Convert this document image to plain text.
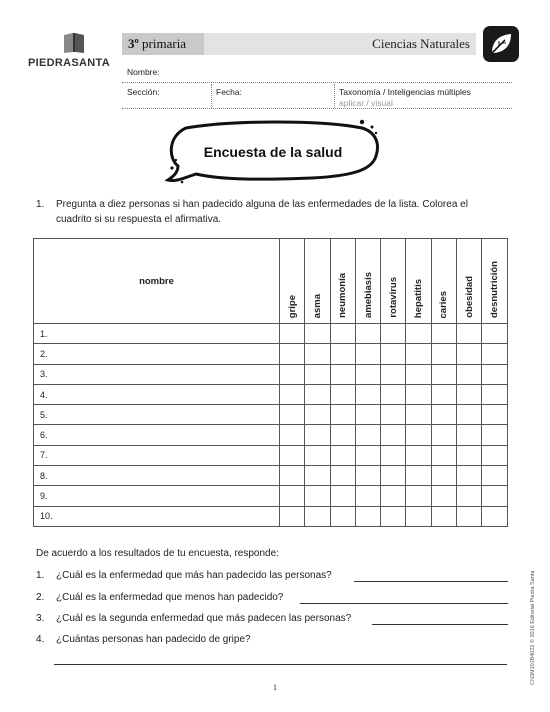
PIEDRASANTA
3º primaria	Ciencias Naturales
Nombre:
Sección:	Fecha:	Taxonomía / Inteligencias múltiples
aplicar / visual
Encuesta de la salud
1.	Pregunta a diez personas si han padecido alguna de las enfermedades de la lista. Colorea el cuadrito si su respuesta el afirmativa.
nombre	gripe	asma	neumonía	amebiasis	rotavirus	hepatitis	caries	obesidad	desnutrición

1.									
2.									
3.									
4.									
5.									
6.									
7.									
8.									
9.									
10.									
De acuerdo a los resultados de tu encuesta, responde:
1. ¿Cuál es la enfermedad que más han padecido las personas?
2. ¿Cuál es la enfermedad que menos han padecido?
3. ¿Cuál es la segunda enfermedad que más padecen las personas?
4. ¿Cuántas personas han padecido de gripe?
1
CN3M10JB4022 © 2016 Editorial Piedra Santa
